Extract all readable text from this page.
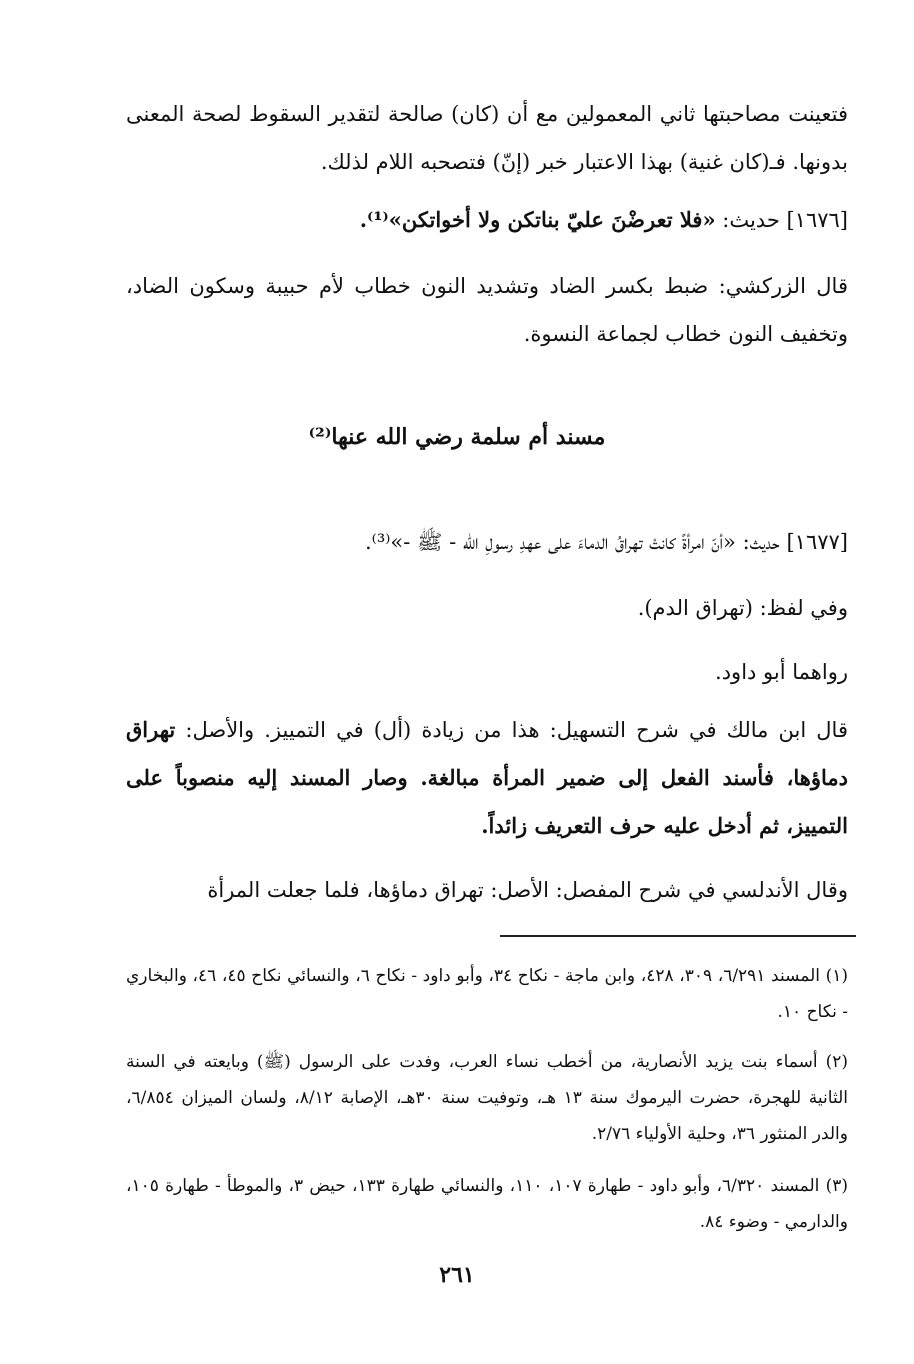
فتعينت مصاحبتها ثاني المعمولين مع أن (كان) صالحة لتقدير السقوط لصحة المعنى بدونها. فـ(كان غنية) بهذا الاعتبار خبر (إنّ) فتصحبه اللام لذلك.

[١٦٧٦] حديث: «فلا تعرضْنَ عليّ بناتكن ولا أخواتكن»⁽¹⁾.

قال الزركشي: ضبط بكسر الضاد وتشديد النون خطاب لأم حبيبة وسكون الضاد، وتخفيف النون خطاب لجماعة النسوة.

مسند أم سلمة رضي الله عنها⁽²⁾

[١٦٧٧] حديث: «أنّ امرأةً كانتْ تهراقُ الدماءَ على عهدِ رسولِ الله - ﷺ -»⁽³⁾.

وفي لفظ: (تهراق الدم).

رواهما أبو داود.

قال ابن مالك في شرح التسهيل: هذا من زيادة (أل) في التمييز. والأصل: تهراق دماؤها، فأسند الفعل إلى ضمير المرأة مبالغة. وصار المسند إليه منصوباً على التمييز، ثم أدخل عليه حرف التعريف زائداً.

وقال الأندلسي في شرح المفصل: الأصل: تهراق دماؤها، فلما جعلت المرأة

(١) المسند ٦/٢٩١، ٣٠٩، ٤٢٨، وابن ماجة - نكاح ٣٤، وأبو داود - نكاح ٦، والنسائي نكاح ٤٥، ٤٦، والبخاري - نكاح ١٠.

(٢) أسماء بنت يزيد الأنصارية، من أخطب نساء العرب، وفدت على الرسول (ﷺ) وبايعته في السنة الثانية للهجرة، حضرت اليرموك سنة ١٣ هـ، وتوفيت سنة ٣٠هـ، الإصابة ٨/١٢، ولسان الميزان ٦/٨٥٤، والدر المنثور ٣٦، وحلية الأولياء ٢/٧٦.

(٣) المسند ٦/٣٢٠، وأبو داود - طهارة ١٠٧، ١١٠، والنسائي طهارة ١٣٣، حيض ٣، والموطأ - طهارة ١٠٥، والدارمي - وضوء ٨٤.

٢٦١
